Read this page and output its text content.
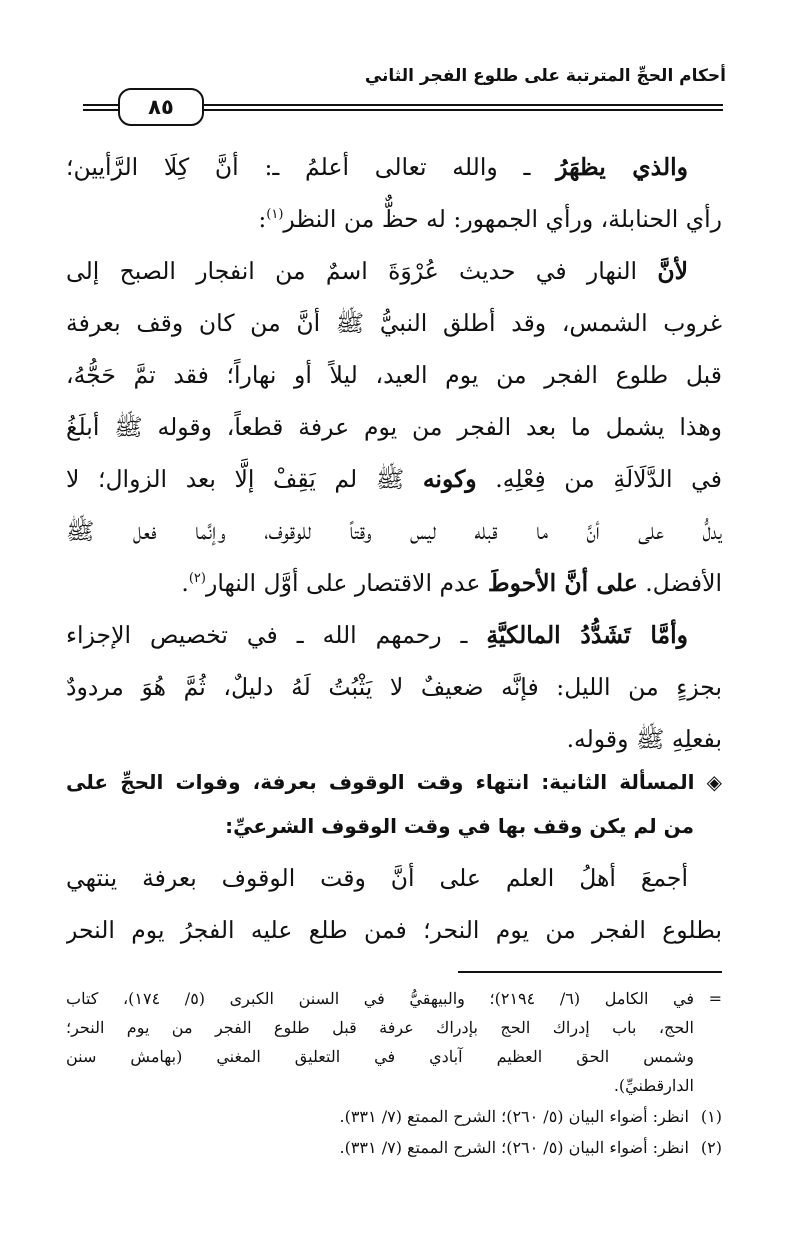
أحكام الحجِّ المترتبة على طلوع الفجر الثاني
٨٥
والذي يظهَرُ ـ والله تعالى أعلمُ ـ: أنَّ كِلَا الرَّأيين؛
رأي الحنابلة، ورأي الجمهور: له حظٌّ من النظر$^{(١)}$:
لأنَّ النهار في حديث عُرْوَةَ اسمٌ من انفجار الصبح إلى
غروب الشمس، وقد أطلق النبيُّ ﷺ أنَّ من كان وقف بعرفة
قبل طلوع الفجر من يوم العيد، ليلاً أو نهاراً؛ فقد تمَّ حَجُّهُ،
وهذا يشمل ما بعد الفجر من يوم عرفة قطعاً، وقوله ﷺ أبلَغُ
في الدَّلَالَةِ من فِعْلِهِ. وكونه ﷺ لم يَقِفْ إلَّا بعد الزوال؛ لا
يدلُّ على أنَّ ما قبله ليس وقتاً للوقوف، وإنَّما فعل ﷺ
الأفضل. على أنَّ الأحوطَ عدم الاقتصار على أوَّل النهار$^{(٢)}$.
وأمَّا تَشَدُّدُ المالكيَّةِ ـ رحمهم الله ـ في تخصيص الإجزاء
بجزءٍ من الليل: فإنَّه ضعيفٌ لا يَثْبُتُ لَهُ دليلٌ، ثُمَّ هُوَ مردودٌ
بفعلِهِ ﷺ وقوله.
◈ المسألة الثانية: انتهاء وقت الوقوف بعرفة، وفوات الحجِّ على
من لم يكن وقف بها في وقت الوقوف الشرعيِّ:
أجمعَ أهلُ العلم على أنَّ وقت الوقوف بعرفة ينتهي
بطلوع الفجر من يوم النحر؛ فمن طلع عليه الفجرُ يوم النحر
=في الكامل (٦/ ٢١٩٤)؛ والبيهقيُّ في السنن الكبرى (٥/ ١٧٤)، كتاب
الحج، باب إدراك الحج بإدراك عرفة قبل طلوع الفجر من يوم النحر؛
وشمس الحق العظيم آبادي في التعليق المغني (بهامش سنن
الدارقطنيِّ).
(١) انظر: أضواء البيان (٥/ ٢٦٠)؛ الشرح الممتع (٧/ ٣٣١).
(٢) انظر: أضواء البيان (٥/ ٢٦٠)؛ الشرح الممتع (٧/ ٣٣١).
